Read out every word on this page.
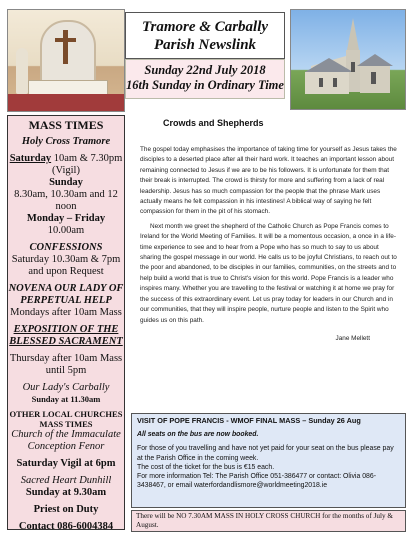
Tramore & Carbally
Parish Newslink
Sunday 22nd July 2018
16th Sunday in Ordinary Time
MASS TIMES
Holy Cross Tramore
Saturday 10am & 7.30pm (Vigil)
Sunday
8.30am, 10.30am and 12 noon
Monday – Friday
10.00am
CONFESSIONS
Saturday 10.30am & 7pm and upon Request
NOVENA OUR LADY OF PERPETUAL HELP
Mondays after 10am Mass
EXPOSITION OF THE BLESSED SACRAMENT
Thursday after 10am Mass until 5pm
Our Lady's Carbally
Sunday at 11.30am
OTHER LOCAL CHURCHES MASS TIMES
Church of the Immaculate Conception Fenor
Saturday Vigil at 6pm
Sacred Heart Dunhill
Sunday at 9.30am
Priest on Duty
Contact 086-6004384
Crowds and Shepherds

The gospel today emphasises the importance of taking time for yourself as Jesus takes the disciples to a deserted place after all their hard work. It teaches an important lesson about remaining connected to Jesus if we are to be his followers. It is unfortunate for them that their break is interrupted. The crowd is thirsty for more and suffering from a lack of real leadership. Jesus has so much compassion for the people that the phrase Mark uses actually means he felt compassion in his intestines! A biblical way of saying he felt compassion for them in the pit of his stomach.

Next month we greet the shepherd of the Catholic Church as Pope Francis comes to Ireland for the World Meeting of Families. It will be a momentous occasion, a once in a life-time experience to see and to hear from a Pope who has so much to say to us about sharing the gospel message in our world. He calls us to be joyful Christians, to reach out to the poor and abandoned, to be disciples in our families, communities, on the streets and to help build a world that is true to Christ's vision for this world. Pope Francis is a leader who inspires many. Whether you are travelling to the festival or watching it at home we pray for the success of this extraordinary event. Let us pray today for leaders in our Church and in our communities, that they will inspire people, nurture people and listen to the Spirit who guides us on this path.

Jane Mellett
VISIT OF POPE FRANCIS - WMOF FINAL MASS – Sunday 26 Aug
All seats on the bus are now booked.
For those of you travelling and have not yet paid for your seat on the bus please pay at the Parish Office in the coming week.
The cost of the ticket for the bus is €15 each.
For more information Tel: The Parish Office 051-386477 or contact: Olivia 086-3438467, or email waterfordandlismore@worldmeeting2018.ie
There will be NO 7.30AM MASS IN HOLY CROSS CHURCH for the months of July & August.
